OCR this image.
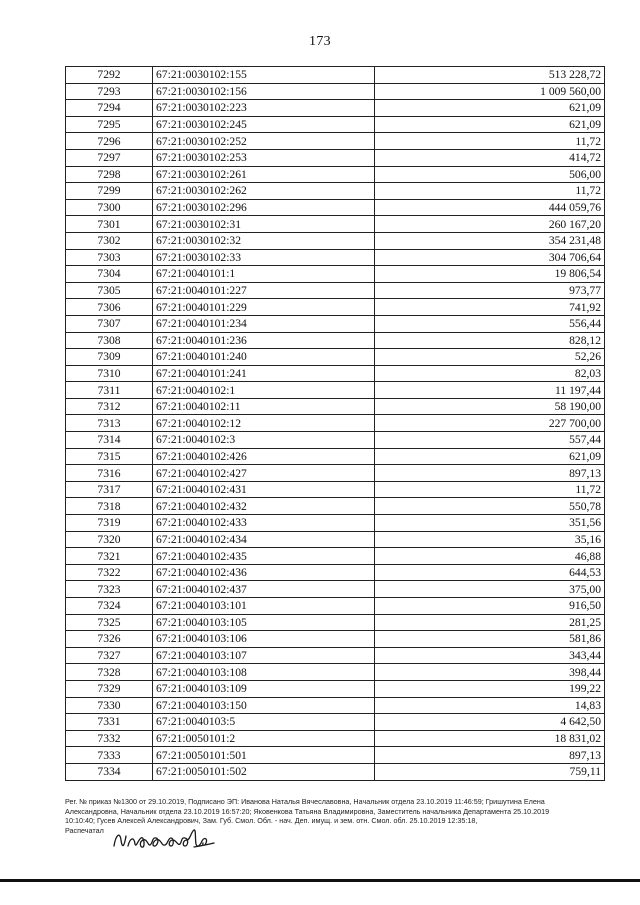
173
7292	67:21:0030102:155	513 228,72
7293	67:21:0030102:156	1 009 560,00
7294	67:21:0030102:223	621,09
7295	67:21:0030102:245	621,09
7296	67:21:0030102:252	11,72
7297	67:21:0030102:253	414,72
7298	67:21:0030102:261	506,00
7299	67:21:0030102:262	11,72
7300	67:21:0030102:296	444 059,76
7301	67:21:0030102:31	260 167,20
7302	67:21:0030102:32	354 231,48
7303	67:21:0030102:33	304 706,64
7304	67:21:0040101:1	19 806,54
7305	67:21:0040101:227	973,77
7306	67:21:0040101:229	741,92
7307	67:21:0040101:234	556,44
7308	67:21:0040101:236	828,12
7309	67:21:0040101:240	52,26
7310	67:21:0040101:241	82,03
7311	67:21:0040102:1	11 197,44
7312	67:21:0040102:11	58 190,00
7313	67:21:0040102:12	227 700,00
7314	67:21:0040102:3	557,44
7315	67:21:0040102:426	621,09
7316	67:21:0040102:427	897,13
7317	67:21:0040102:431	11,72
7318	67:21:0040102:432	550,78
7319	67:21:0040102:433	351,56
7320	67:21:0040102:434	35,16
7321	67:21:0040102:435	46,88
7322	67:21:0040102:436	644,53
7323	67:21:0040102:437	375,00
7324	67:21:0040103:101	916,50
7325	67:21:0040103:105	281,25
7326	67:21:0040103:106	581,86
7327	67:21:0040103:107	343,44
7328	67:21:0040103:108	398,44
7329	67:21:0040103:109	199,22
7330	67:21:0040103:150	14,83
7331	67:21:0040103:5	4 642,50
7332	67:21:0050101:2	18 831,02
7333	67:21:0050101:501	897,13
7334	67:21:0050101:502	759,11

Рег. № приказ №1300 от 29.10.2019, Подписано ЭП: Иванова Наталья Вячеславовна, Начальник отдела 23.10.2019 11:46:59; Гришутина Елена

Александровна, Начальник отдела 23.10.2019 16:57:20; Яковенкова Татьяна Владимировна, Заместитель начальника Департамента 25.10.2019

10:10:40; Гусев Алексей Александрович, Зам. Губ. Смол. Обл. - нач. Деп. имущ. и зем. отн. Смол. обл. 25.10.2019 12:35:18,

Распечатал
